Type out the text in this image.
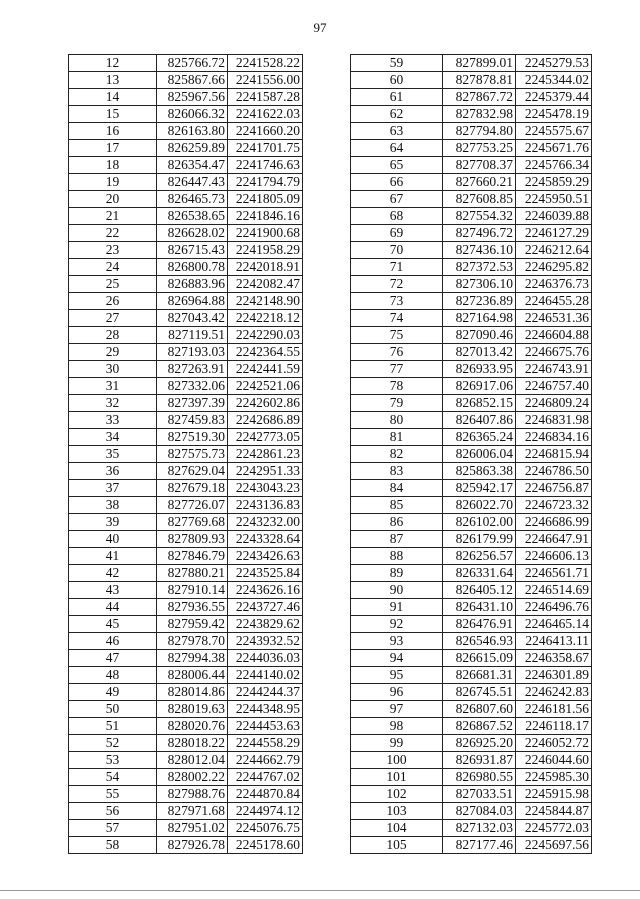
97
12	825766.72	2241528.22
13	825867.66	2241556.00
14	825967.56	2241587.28
15	826066.32	2241622.03
16	826163.80	2241660.20
17	826259.89	2241701.75
18	826354.47	2241746.63
19	826447.43	2241794.79
20	826465.73	2241805.09
21	826538.65	2241846.16
22	826628.02	2241900.68
23	826715.43	2241958.29
24	826800.78	2242018.91
25	826883.96	2242082.47
26	826964.88	2242148.90
27	827043.42	2242218.12
28	827119.51	2242290.03
29	827193.03	2242364.55
30	827263.91	2242441.59
31	827332.06	2242521.06
32	827397.39	2242602.86
33	827459.83	2242686.89
34	827519.30	2242773.05
35	827575.73	2242861.23
36	827629.04	2242951.33
37	827679.18	2243043.23
38	827726.07	2243136.83
39	827769.68	2243232.00
40	827809.93	2243328.64
41	827846.79	2243426.63
42	827880.21	2243525.84
43	827910.14	2243626.16
44	827936.55	2243727.46
45	827959.42	2243829.62
46	827978.70	2243932.52
47	827994.38	2244036.03
48	828006.44	2244140.02
49	828014.86	2244244.37
50	828019.63	2244348.95
51	828020.76	2244453.63
52	828018.22	2244558.29
53	828012.04	2244662.79
54	828002.22	2244767.02
55	827988.76	2244870.84
56	827971.68	2244974.12
57	827951.02	2245076.75
58	827926.78	2245178.60
59	827899.01	2245279.53
60	827878.81	2245344.02
61	827867.72	2245379.44
62	827832.98	2245478.19
63	827794.80	2245575.67
64	827753.25	2245671.76
65	827708.37	2245766.34
66	827660.21	2245859.29
67	827608.85	2245950.51
68	827554.32	2246039.88
69	827496.72	2246127.29
70	827436.10	2246212.64
71	827372.53	2246295.82
72	827306.10	2246376.73
73	827236.89	2246455.28
74	827164.98	2246531.36
75	827090.46	2246604.88
76	827013.42	2246675.76
77	826933.95	2246743.91
78	826917.06	2246757.40
79	826852.15	2246809.24
80	826407.86	2246831.98
81	826365.24	2246834.16
82	826006.04	2246815.94
83	825863.38	2246786.50
84	825942.17	2246756.87
85	826022.70	2246723.32
86	826102.00	2246686.99
87	826179.99	2246647.91
88	826256.57	2246606.13
89	826331.64	2246561.71
90	826405.12	2246514.69
91	826431.10	2246496.76
92	826476.91	2246465.14
93	826546.93	2246413.11
94	826615.09	2246358.67
95	826681.31	2246301.89
96	826745.51	2246242.83
97	826807.60	2246181.56
98	826867.52	2246118.17
99	826925.20	2246052.72
100	826931.87	2246044.60
101	826980.55	2245985.30
102	827033.51	2245915.98
103	827084.03	2245844.87
104	827132.03	2245772.03
105	827177.46	2245697.56
